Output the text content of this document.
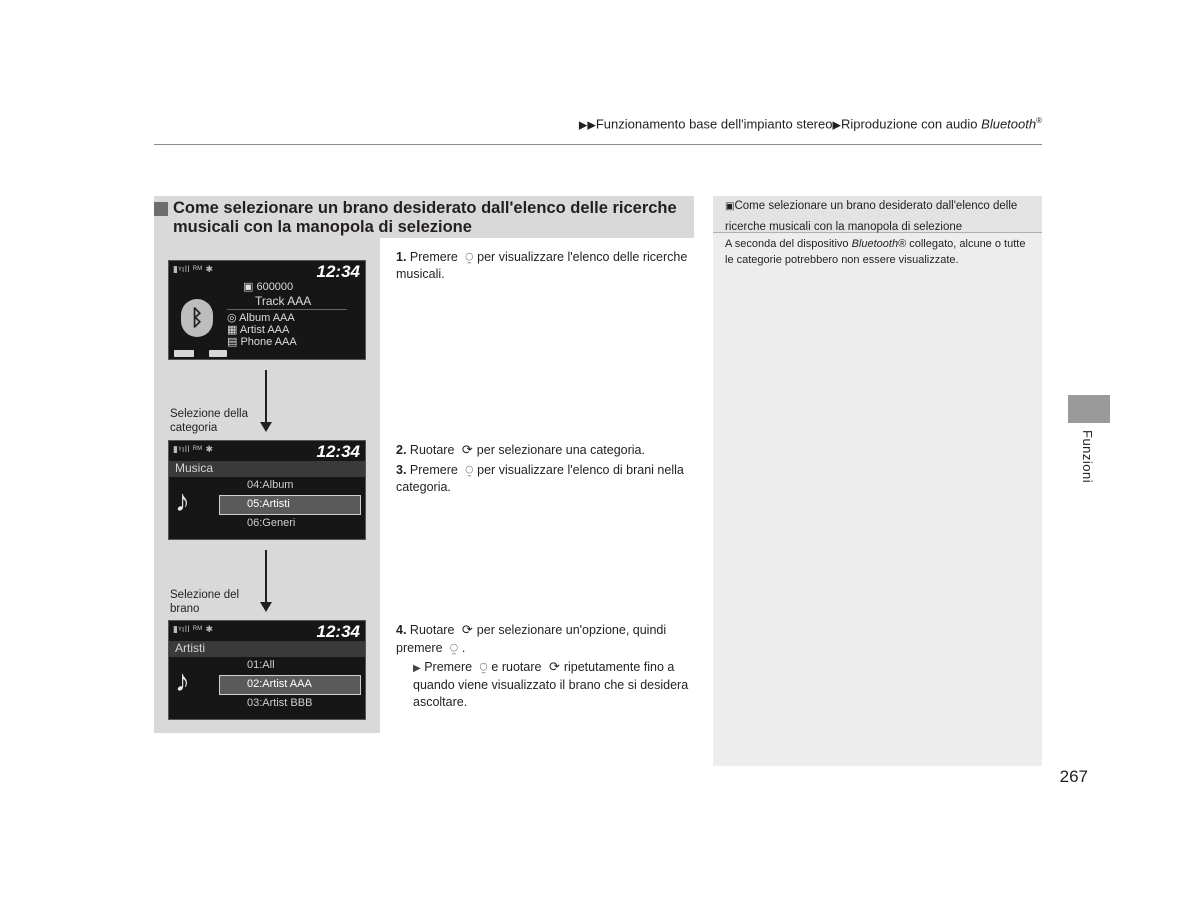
▶▶Funzionamento base dell'impianto stereo▶Riproduzione con audio Bluetooth®
Come selezionare un brano desiderato dall'elenco delle ricerche musicali con la manopola di selezione
▮ᵞıll ᴿᴹ ✱	12:34
ᛒ
▣ 600000
Track AAA
◎ Album AAA
▦ Artist AAA
▤ Phone AAA
Selezione della categoria
▮ᵞıll ᴿᴹ ✱	12:34
Musica
♪	04:Album
05:Artisti
06:Generi
Selezione del brano
▮ᵞıll ᴿᴹ ✱	12:34
Artisti
♪	01:All
02:Artist AAA
03:Artist BBB
1. Premere ⍜ per visualizzare l'elenco delle ricerche musicali.
2. Ruotare ⟳ per selezionare una categoria.
3. Premere ⍜ per visualizzare l'elenco di brani nella categoria.
4. Ruotare ⟳ per selezionare un'opzione, quindi premere ⍜ .
▶ Premere ⍜ e ruotare ⟳ ripetutamente fino a quando viene visualizzato il brano che si desidera ascoltare.
▣Come selezionare un brano desiderato dall'elenco delle ricerche musicali con la manopola di selezione
A seconda del dispositivo Bluetooth® collegato, alcune o tutte le categorie potrebbero non essere visualizzate.
Funzioni
267
